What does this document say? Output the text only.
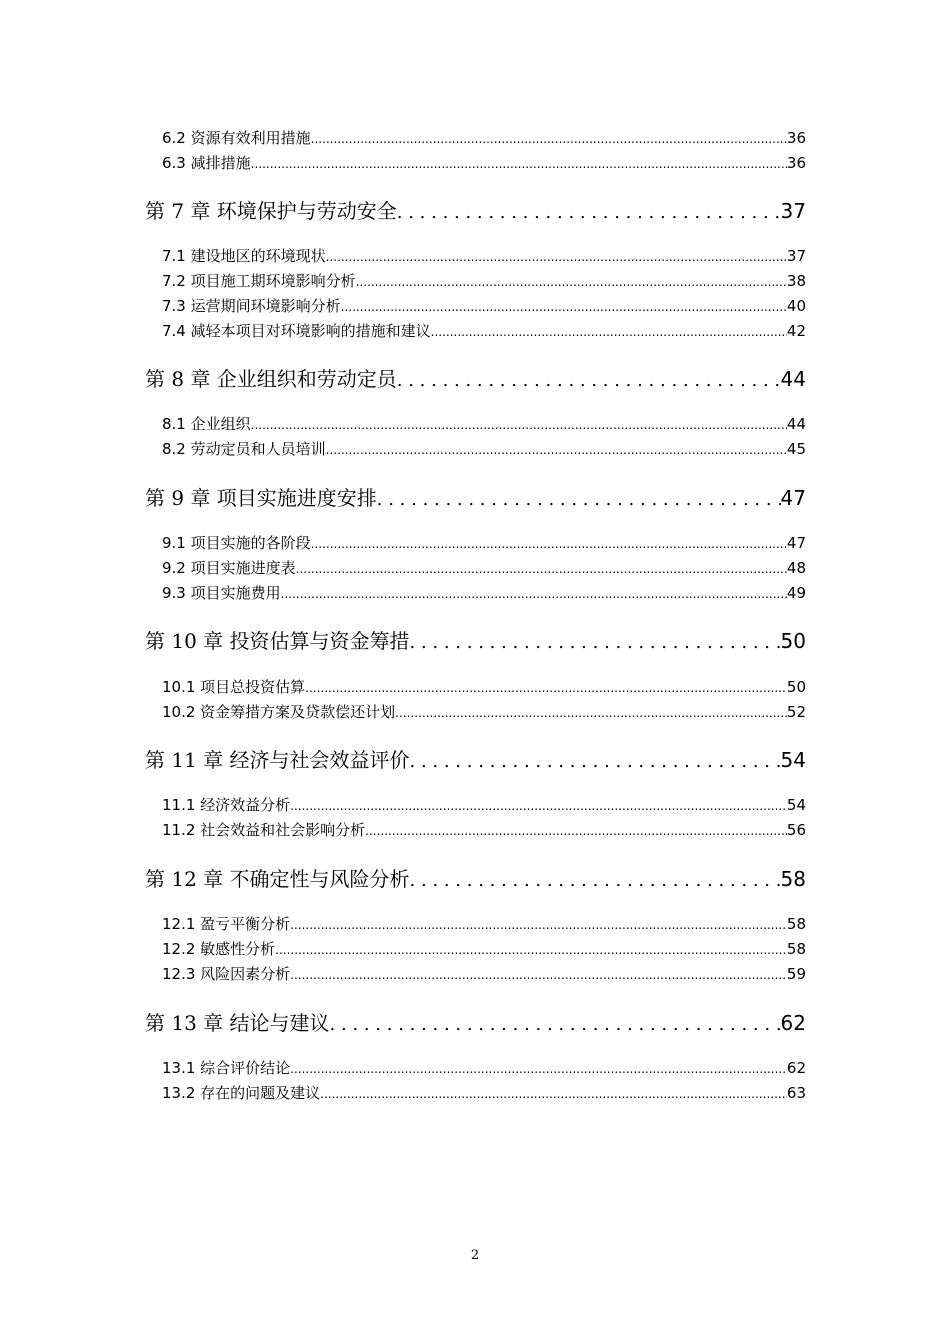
6.2 资源有效利用措施 .....	36
6.3 减排措施 .....	36
第 7 章 环境保护与劳动安全 . . .	37
7.1 建设地区的环境现状 .....	37
7.2 项目施工期环境影响分析 .....	38
7.3 运营期间环境影响分析 .....	40
7.4 减轻本项目对环境影响的措施和建议 .....	42
第 8 章 企业组织和劳动定员 . . .	44
8.1 企业组织 .....	44
8.2 劳动定员和人员培训 .....	45
第 9 章 项目实施进度安排 . . .	47
9.1 项目实施的各阶段 .....	47
9.2 项目实施进度表 .....	48
9.3 项目实施费用 .....	49
第 10 章 投资估算与资金筹措 . . .	50
10.1 项目总投资估算 .....	50
10.2 资金筹措方案及贷款偿还计划 .....	52
第 11 章 经济与社会效益评价 . . .	54
11.1 经济效益分析 .....	54
11.2 社会效益和社会影响分析 .....	56
第 12 章 不确定性与风险分析 . . .	58
12.1 盈亏平衡分析 .....	58
12.2 敏感性分析 .....	58
12.3 风险因素分析 .....	59
第 13 章 结论与建议 . . .	62
13.1 综合评价结论 .....	62
13.2 存在的问题及建议 .....	63
2
